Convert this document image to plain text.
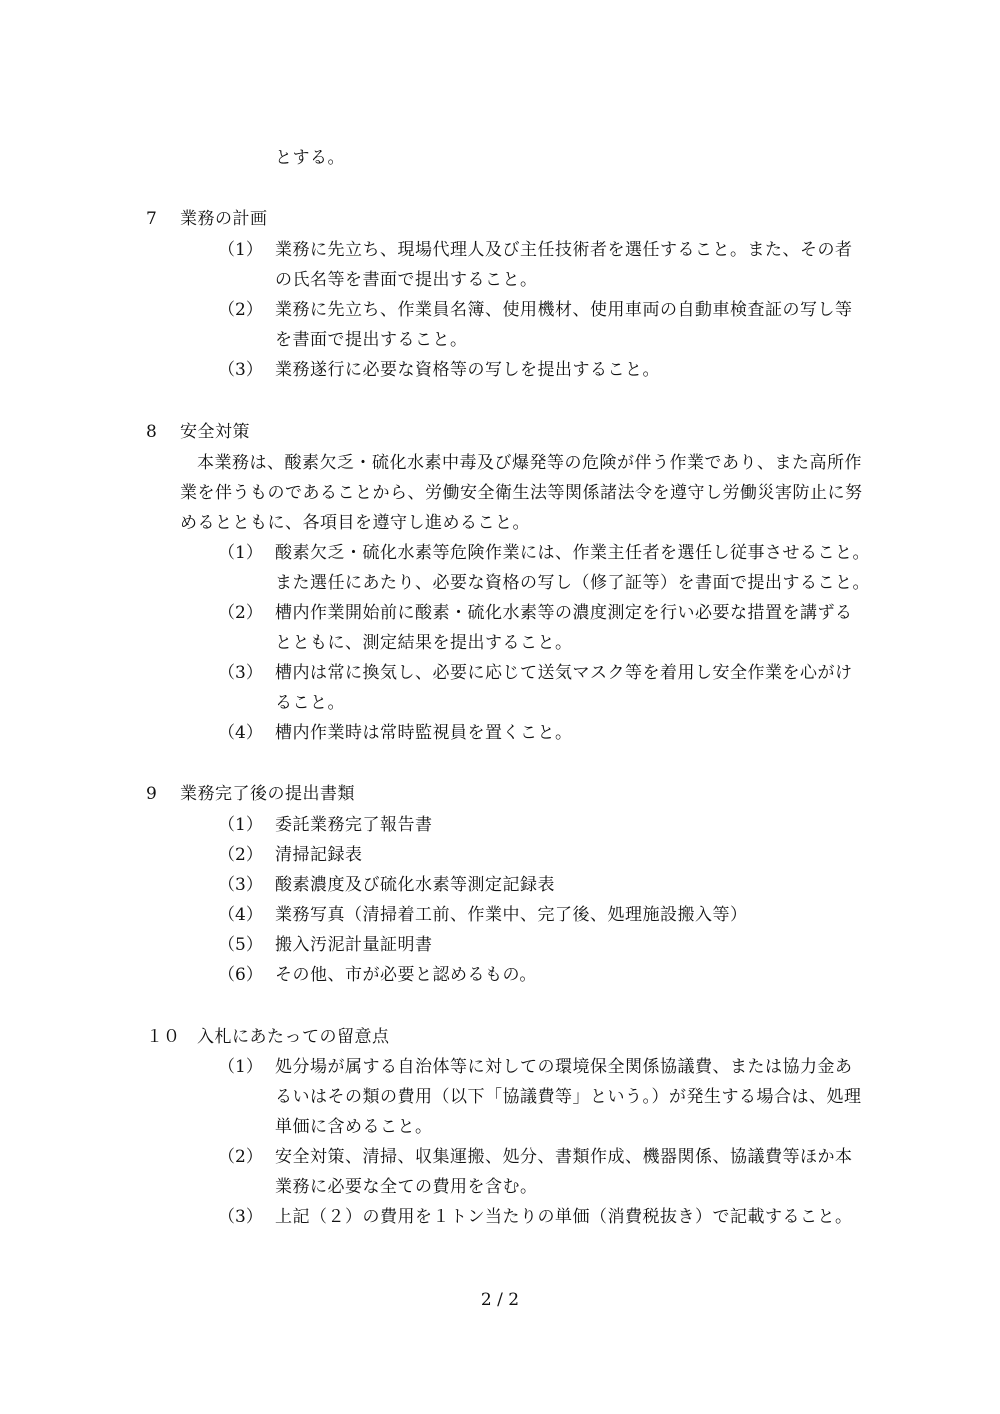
とする。
7 業務の計画
（1） 業務に先立ち、現場代理人及び主任技術者を選任すること。また、その者
の氏名等を書面で提出すること。
（2） 業務に先立ち、作業員名簿、使用機材、使用車両の自動車検査証の写し等
を書面で提出すること。
（3） 業務遂行に必要な資格等の写しを提出すること。
8 安全対策
本業務は、酸素欠乏・硫化水素中毒及び爆発等の危険が伴う作業であり、また高所作
業を伴うものであることから、労働安全衛生法等関係諸法令を遵守し労働災害防止に努
めるとともに、各項目を遵守し進めること。
（1） 酸素欠乏・硫化水素等危険作業には、作業主任者を選任し従事させること。
また選任にあたり、必要な資格の写し（修了証等）を書面で提出すること。
（2） 槽内作業開始前に酸素・硫化水素等の濃度測定を行い必要な措置を講ずる
とともに、測定結果を提出すること。
（3） 槽内は常に換気し、必要に応じて送気マスク等を着用し安全作業を心がけ
ること。
（4） 槽内作業時は常時監視員を置くこと。
9 業務完了後の提出書類
（1） 委託業務完了報告書
（2） 清掃記録表
（3） 酸素濃度及び硫化水素等測定記録表
（4） 業務写真（清掃着工前、作業中、完了後、処理施設搬入等）
（5） 搬入汚泥計量証明書
（6） その他、市が必要と認めるもの。
１０ 入札にあたっての留意点
（1） 処分場が属する自治体等に対しての環境保全関係協議費、または協力金あ
るいはその類の費用（以下「協議費等」という。）が発生する場合は、処理
単価に含めること。
（2） 安全対策、清掃、収集運搬、処分、書類作成、機器関係、協議費等ほか本
業務に必要な全ての費用を含む。
（3） 上記（２）の費用を１トン当たりの単価（消費税抜き）で記載すること。
2 / 2
